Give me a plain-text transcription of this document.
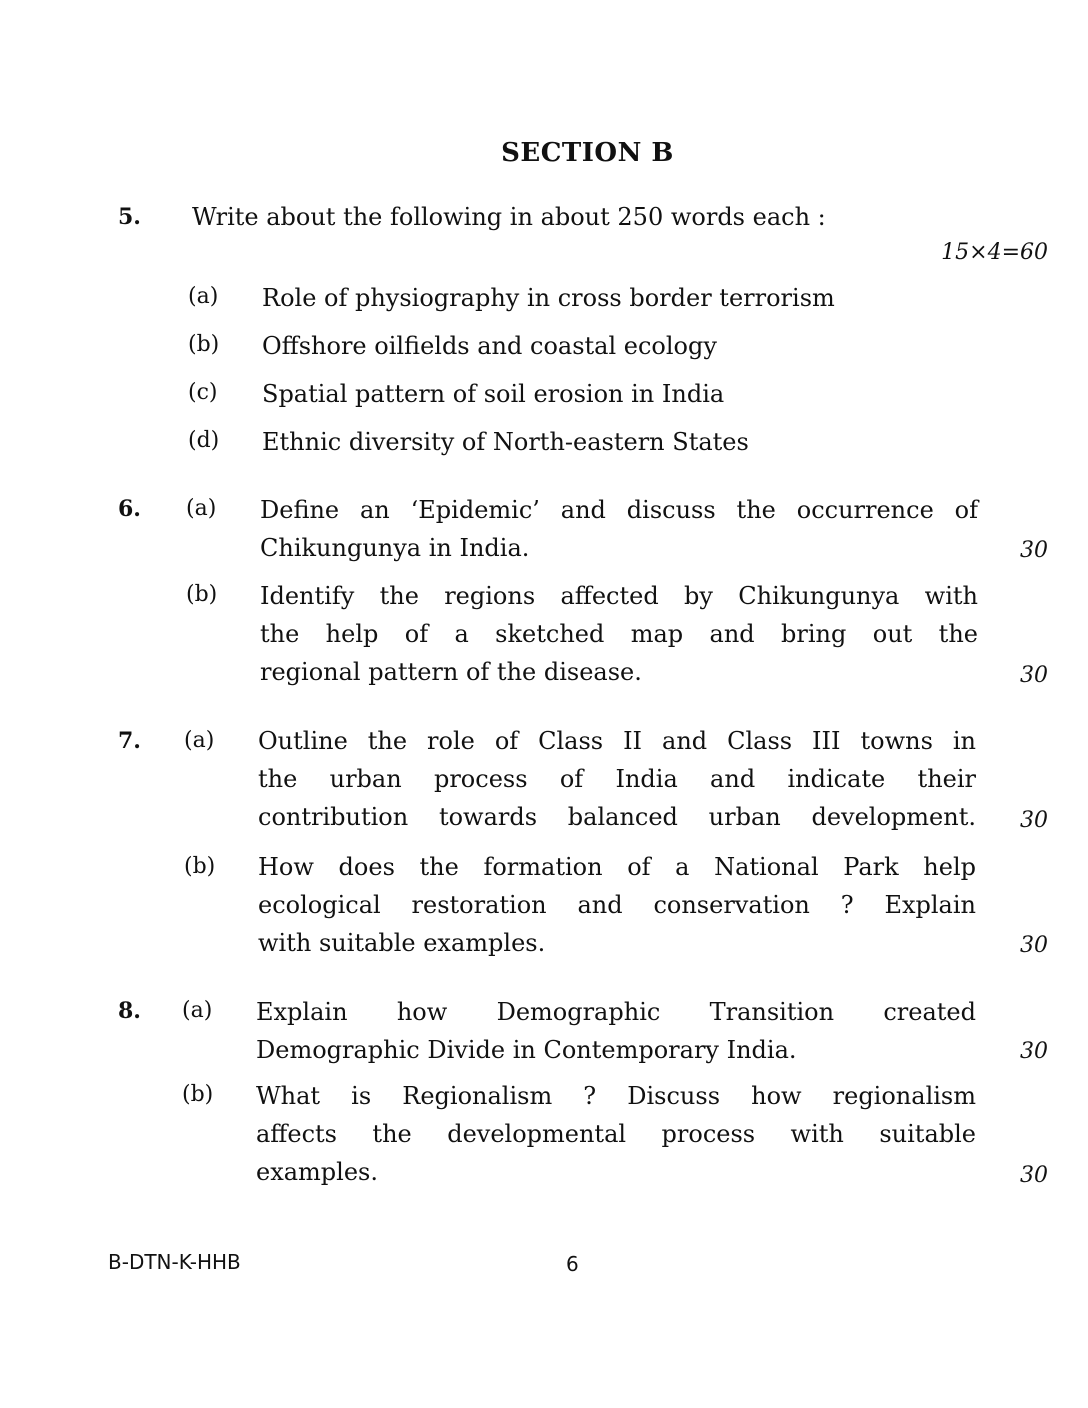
SECTION B
5. Write about the following in about 250 words each :
15×4=60
(a) Role of physiography in cross border terrorism
(b) Offshore oilfields and coastal ecology
(c) Spatial pattern of soil erosion in India
(d) Ethnic diversity of North-eastern States
6. (a) Define an ‘Epidemic’ and discuss the occurrence of
Chikungunya in India.	30
(b) Identify the regions affected by Chikungunya with
the help of a sketched map and bring out the
regional pattern of the disease.	30
7. (a) Outline the role of Class II and Class III towns in
the urban process of India and indicate their
contribution towards balanced urban development. 30
(b) How does the formation of a National Park help
ecological restoration and conservation ? Explain
with suitable examples.	30
8. (a) Explain how Demographic Transition created
Demographic Divide in Contemporary India.	30
(b) What is Regionalism ? Discuss how regionalism
affects the developmental process with suitable
examples.	30
B-DTN-K-HHB	6
